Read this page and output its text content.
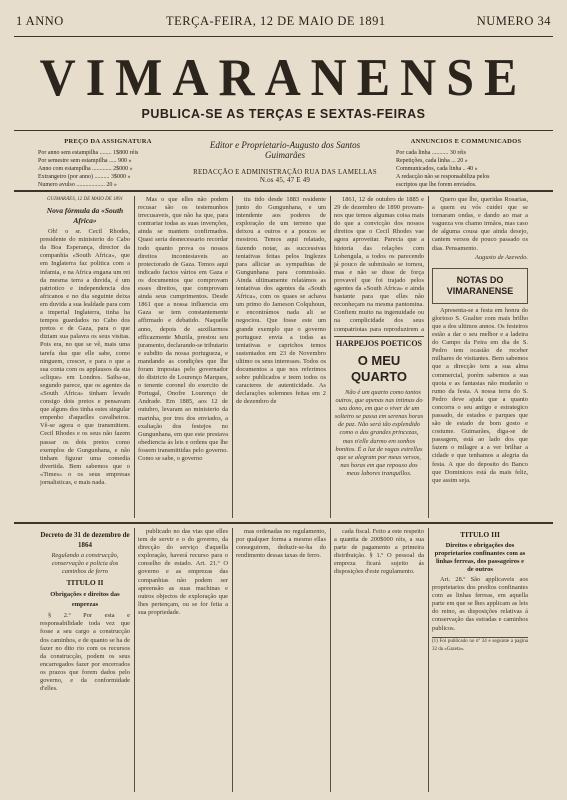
1 ANNO	TERÇA-FEIRA, 12 DE MAIO DE 1891	NUMERO 34
VIMARANENSE
PUBLICA-SE AS TERÇAS E SEXTAS-FEIRAS
PREÇO DA ASSIGNATURA
Por anno sem estampilha ........ 1$800 réis
Por semestre sem estampilha ..... 900 »
Anno com estampilha ............. 2$000 »
Extrangeiro (por anno) .......... 3$000 »
Numero avulso ................... 20 »
Editor e Proprietario-Augusto dos Santos Guimarães
REDACÇÃO E ADMINISTRAÇÃO RUA DAS LAMELLAS N.os 45, 47 E 49
ANNUNCIOS E COMMUNICADOS
Por cada linha ........... 30 réis
Repetições, cada linha ... 20 »
Communicados, cada linha .. 40 »
A redacção não se responsabiliza pelos
escriptos que lhe forem enviados.
GUIMARÃES, 12 DE MAIO DE 1891
Nova fórmula da «South Africa»

Oh! o sr. Cecil Rhodes, presidente do ministerio do Cabo da Boa Esperança, director da companhia «South Africa», que em Inglaterra faz politica com a infamia, e na Africa engana um rei da mesma terra a duvida, é um patriotico e independencia dos africanos e no dia seguinte deixa em duvida a sua lealdade para com a imperial Inglaterra, tinha ha tempos guardados no Cabo dos pretos e de Gaza, para o que diziam sua palavra os seus visitas. Pois era, no que se vê, mais uma tarefa das que elle sabe, como ninguem, crescer, e para o que a sua conta com os applausos da sua «clique» em Londres. Saiba-se, segundo parece, que os agentes da «South Africa» tinham levado consigo dois pretos e pensavam que alguns dos tinha estes singular empenho d'aquelles cavalheiros. Vê-se agora o que transmittem. Cecil Rhodes e os seus não fazem passar os dois pretos como exemplos de Gungunhana, e não tinham figurar uma comedia divertida. Bem sabemos que o «Times» o os seus empresas jornalisticas, e mais nada.

Mas o que elles não podem recusar são os testemunhos irrecusaveis, que não ha que, para contrariar todas as suas invenções, ainda se mantem confirmados. Quasi seria desnecessario recordar todo quanto prova os nossos direitos incontestaveis ao protectorado de Gaza. Temos aqui indicado factos vários em Gaza e os documentos que comprovam esses direitos, que comprovam ainda seus cumprimentos. Desde 1861 que a nossa influencia em Gaza se tem constantemente affirmado e debatido. Naquelle anno, depois de auxiliarmos efficazmente Muzila, prestou seu juramento, declarando-se tributario e subdito da nossa portugueza, e mandando as condições que lhe foram impostas pelo governador do districto de Lourenço Marques, o tenente coronel do exercito de Portugal, Onofre Lourenço de Andrade. Em 1885, aos 12 de outubro, levaram ao ministerio da marinha, por tres dos enviados, a exaltação dos festejos no Gungunhana, em que este prestava obediencia ás leis e ordens que lhe fossem transmittidas pelo governo. Como se sabe, o governo

tiu tido desde 1883 residente junto do Gungunhana, e um intendente aos poderes de exploração de um terreno que deixou a outros e a poucos se mostrou. Temos aqui relatado, fazendo notar, as successivas tentativas feitas pelos Inglezes para alliciar as sympathias de Gungunhana para commissão. Ainda ultimamente relatámos as tentativas dos agentes da «South Africa», com os quaes se achava um primo do Jameson Colquhoun, e encontrámos nada ali se negociou. Que fosse este um grande exemplo que o governo portuguez envia a todas as tentativas e caprichos temos sustentados em 23 de Novembro ultimo os seus interesses. Todos os documentos a que nos referimos sobre publicados e teem todos os caracteres de autenticidade. As declarações solemnes feitas em 2 de dezembro de

1861, 12 de outubro de 1885 e 29 de dezembro de 1890 provam-nos que temos algumas coisa mais do que a convicção dos nossos direitos que o Cecil Rhodes vae agora aproveitar. Parecia que a historia das relações com Lobengula, a todos os parecendo já pouco de submissão se tornou, mas e não se disse de força provavel que foi trajado pelos agentes da «South Africa» e ainda bastante para que elles não reconheçam na mesma pantomina. Confiem muito na ingenuidade ou na complicidade dos seus compatriotas para reproduzirem a

HARPEJOS POETICOS
O MEU QUARTO

Não é um quarto como tantos outros, que apenas nas intimas do seu dono, em que o viver de um solteiro se passa em serenas horas de paz. Não será tão esplendido como o das grandes princezas, mas n'elle durmo em sonhos bonitos. É a luz de vagas estrellas que se alegram por meus versos, nas horas em que repouso dos meus labores tranquillos.

Quero que lhe, queridas Rosarias, a quem eu vós cuidei que se tornaram ondas, e dando ao mar a vagueza vos chamo irmãos, mas caso de alguma cousa que ainda desejo, cantem versos de pouco passado os dias. Pensamento.

Augusto de Azevedo.
NOTAS DO VIMARANENSE

Apresenta-se a festa em honra do glorioso S. Gualter com mais brilho que a dos ultimos annos. Os festeiros estão a dar o seu melhor e a ladeira do Campo da Feira em dia de S. Pedro tem ocasião de receber milhares de visitantes. Bem sabemos que a direcção tem a sua alma commercial, porém sabemos a sua quota e as fantasias não mudarão o rumo da festa. A nossa terra do S. Pedro deve ajuda que a quanto concorra o seu antigo e estrategico passado, de estados e parques que são de estado de bom gosto e costume. Guimarães, diga-se de passagem, está ao lado dos que fazem o milagre a a ver brilhar a cidade e que tenhamos a alegria da festa. A que do deposito do Banco que Dominicos está da mais feliz, que assim seja.

Decreto de 31 de dezembro de 1864
Regulando a construcção, conservação e policia dos caminhos de ferro
TITULO II
Obrigações e direitos das emprezas

§ 2.º Por esta e responsabilidade toda vez que fosse a seu cargo a construcção dos caminhos, e de quanto se ha de fazer no dito rio com os recursos da construcção, podem os seus encarregados fazer por encerrados os prazos que forem dados pelo governo, e da conformidade d'elles.

publicado no das vias que elles tem de servir e o do governo, da direcção do serviço d'aquella exploração, haverá recurso para o conselho de estado. Art. 21.º O governo e as emprezas das companhias não podem ser apreensão as suas machinas e outros objectos de exploração que lhes pertençam, ou se for feita a sua propriedade.

mas ordenadas no regulamento, por qualquer forma a mesmo ellas conseguirem, deduzir-se-ha do rendimento dessas taxas de ferro.

cada fiscal. Feito a este respeito a quantia de 200$000 réis, a sua parte de pagamento a primeira distribuição. § 1.º O pessoal da empreza ficará sujeito ás disposições d'este regulamento.

TITULO III
Direitos e obrigações dos proprietarios confinantes com as linhas ferreas, dos passageiros e de outros

Art. 28.º São applicaveis aos proprietarios dos predios confinantes com as linhas ferreas, em aquella parte em que se lhes applicam as leis do reino, as disposições relativas á conservação das estradas e caminhos publicos.

(1) Foi publicado no nº 34 e seguinte a pagina 32 da «Gazeta».
